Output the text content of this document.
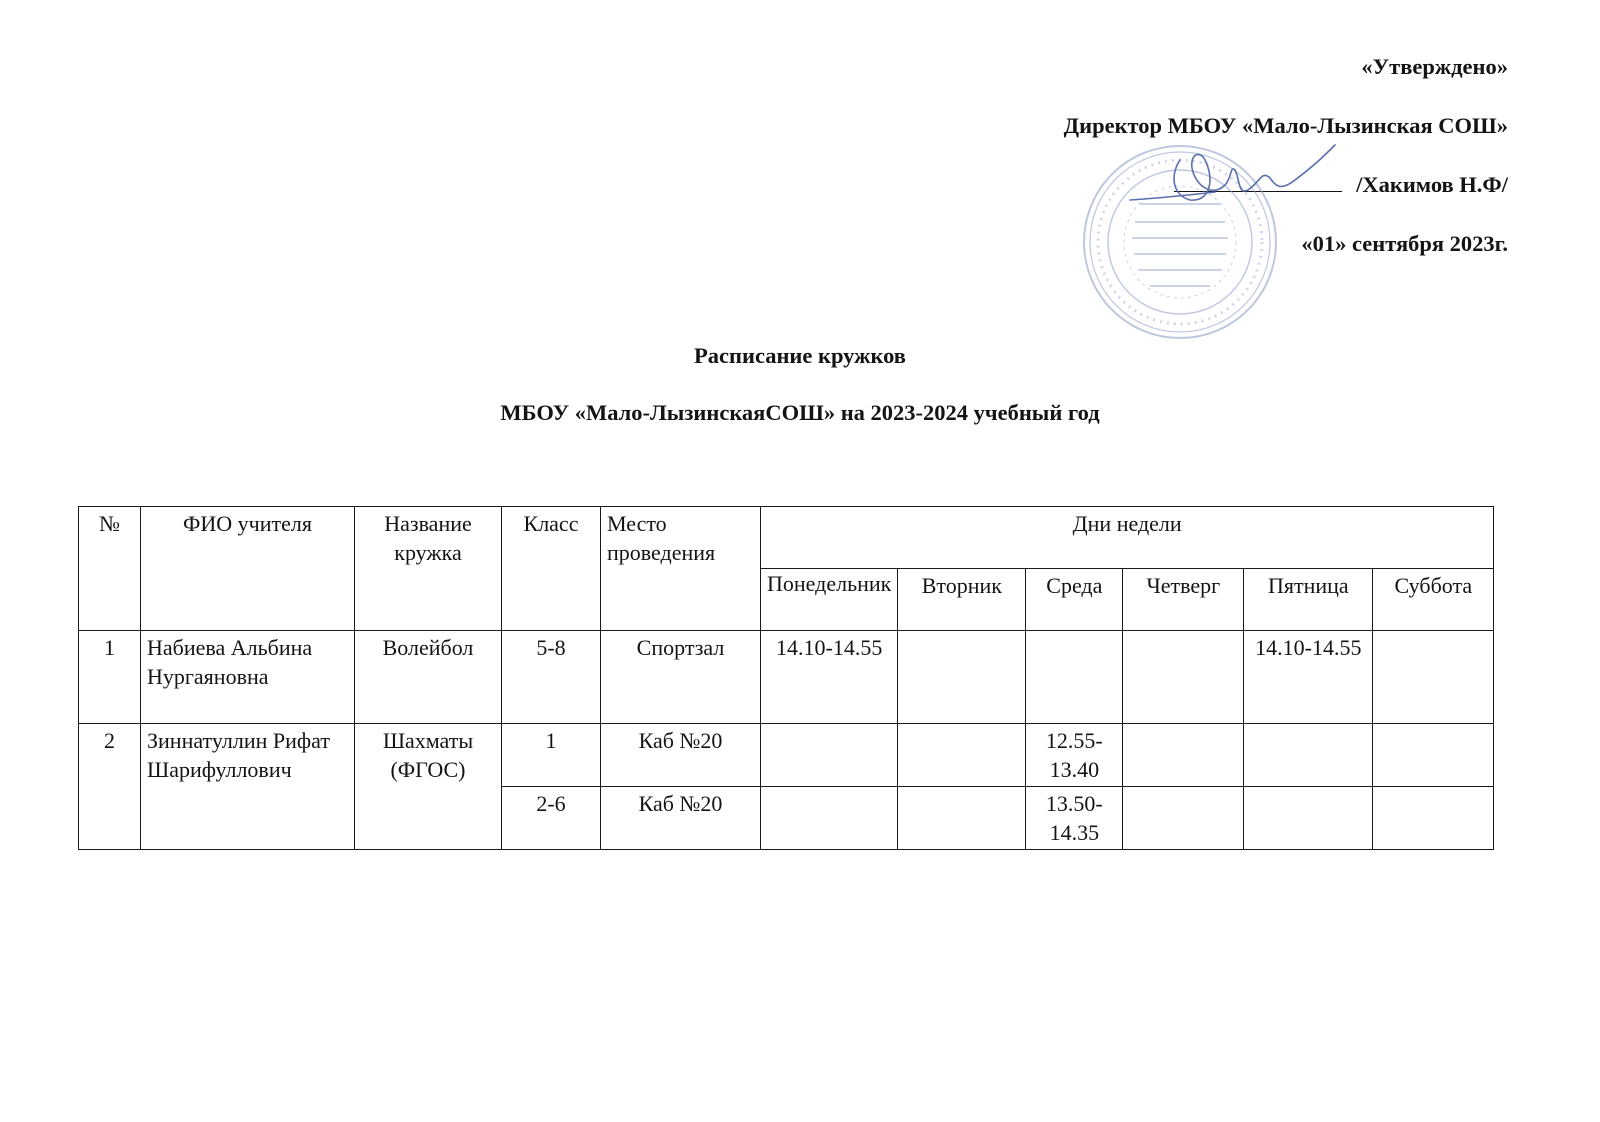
«Утверждено»
Директор МБОУ «Мало-Лызинская СОШ»
/Хакимов Н.Ф/
«01» сентября 2023г.
Расписание кружков
МБОУ «Мало-ЛызинскаяСОШ» на 2023-2024 учебный год
№	ФИО учителя	Название кружка	Класс	Место проведения	Дни недели					
					Понедельник	Вторник	Среда	Четверг	Пятница	Суббота
1	Набиева Альбина Нургаяновна	Волейбол	5-8	Спортзал	14.10-14.55				14.10-14.55	
2	Зиннатуллин Рифат Шарифуллович	Шахматы (ФГОС)	1	Каб №20			12.55-13.40			
			2-6	Каб №20			13.50-14.35			
